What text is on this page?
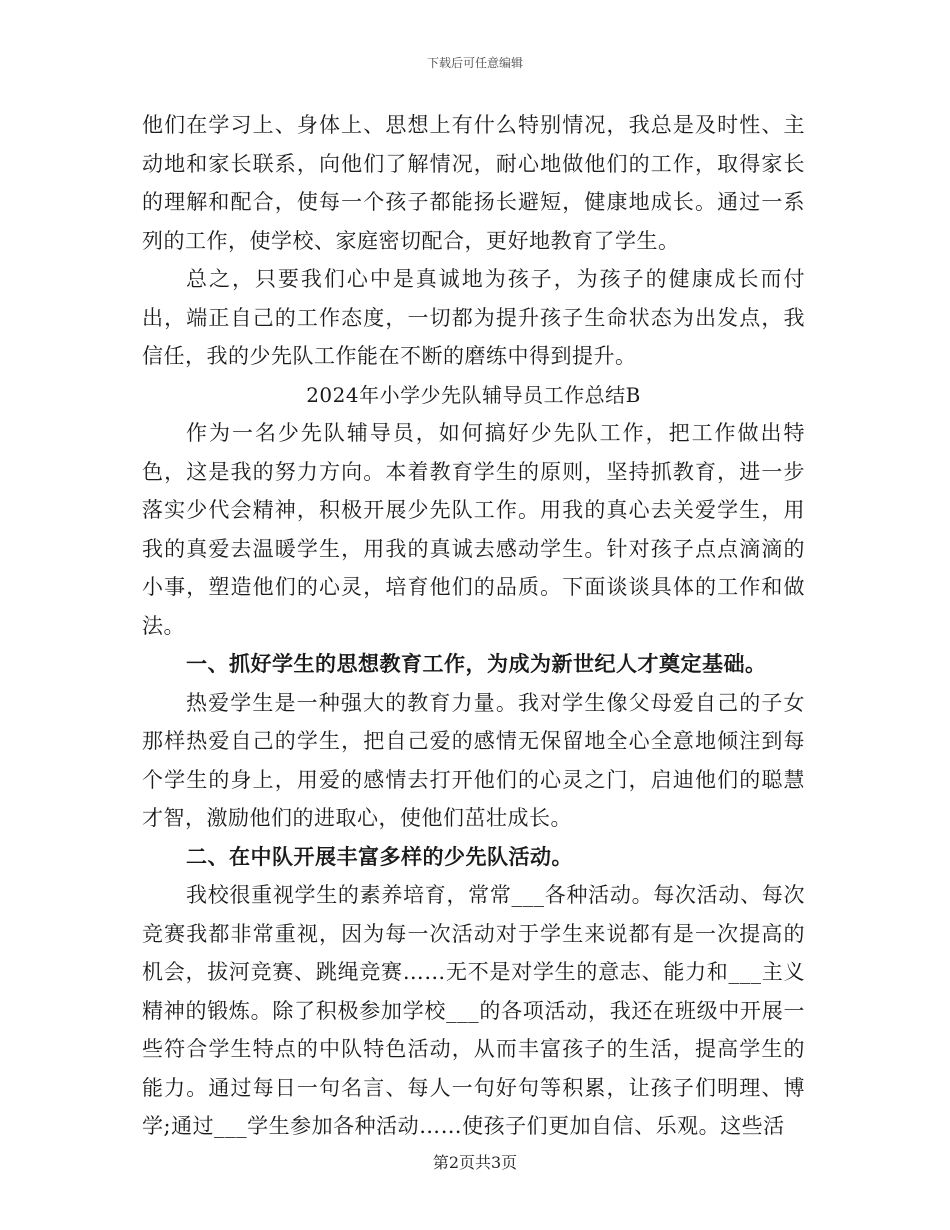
下载后可任意编辑

他们在学习上、身体上、思想上有什么特别情况，我总是及时性、主动地和家长联系，向他们了解情况，耐心地做他们的工作，取得家长的理解和配合，使每一个孩子都能扬长避短，健康地成长。通过一系列的工作，使学校、家庭密切配合，更好地教育了学生。

总之，只要我们心中是真诚地为孩子，为孩子的健康成长而付出，端正自己的工作态度，一切都为提升孩子生命状态为出发点，我信任，我的少先队工作能在不断的磨练中得到提升。

2024年小学少先队辅导员工作总结B

作为一名少先队辅导员，如何搞好少先队工作，把工作做出特色，这是我的努力方向。本着教育学生的原则，坚持抓教育，进一步落实少代会精神，积极开展少先队工作。用我的真心去关爱学生，用我的真爱去温暖学生，用我的真诚去感动学生。针对孩子点点滴滴的小事，塑造他们的心灵，培育他们的品质。下面谈谈具体的工作和做法。

一、抓好学生的思想教育工作，为成为新世纪人才奠定基础。

热爱学生是一种强大的教育力量。我对学生像父母爱自己的子女那样热爱自己的学生，把自己爱的感情无保留地全心全意地倾注到每个学生的身上，用爱的感情去打开他们的心灵之门，启迪他们的聪慧才智，激励他们的进取心，使他们茁壮成长。

二、在中队开展丰富多样的少先队活动。

我校很重视学生的素养培育，常常___各种活动。每次活动、每次竞赛我都非常重视，因为每一次活动对于学生来说都有是一次提高的机会，拔河竞赛、跳绳竞赛……无不是对学生的意志、能力和___主义精神的锻炼。除了积极参加学校___的各项活动，我还在班级中开展一些符合学生特点的中队特色活动，从而丰富孩子的生活，提高学生的能力。通过每日一句名言、每人一句好句等积累，让孩子们明理、博学;通过___学生参加各种活动……使孩子们更加自信、乐观。这些活

第2页共3页
